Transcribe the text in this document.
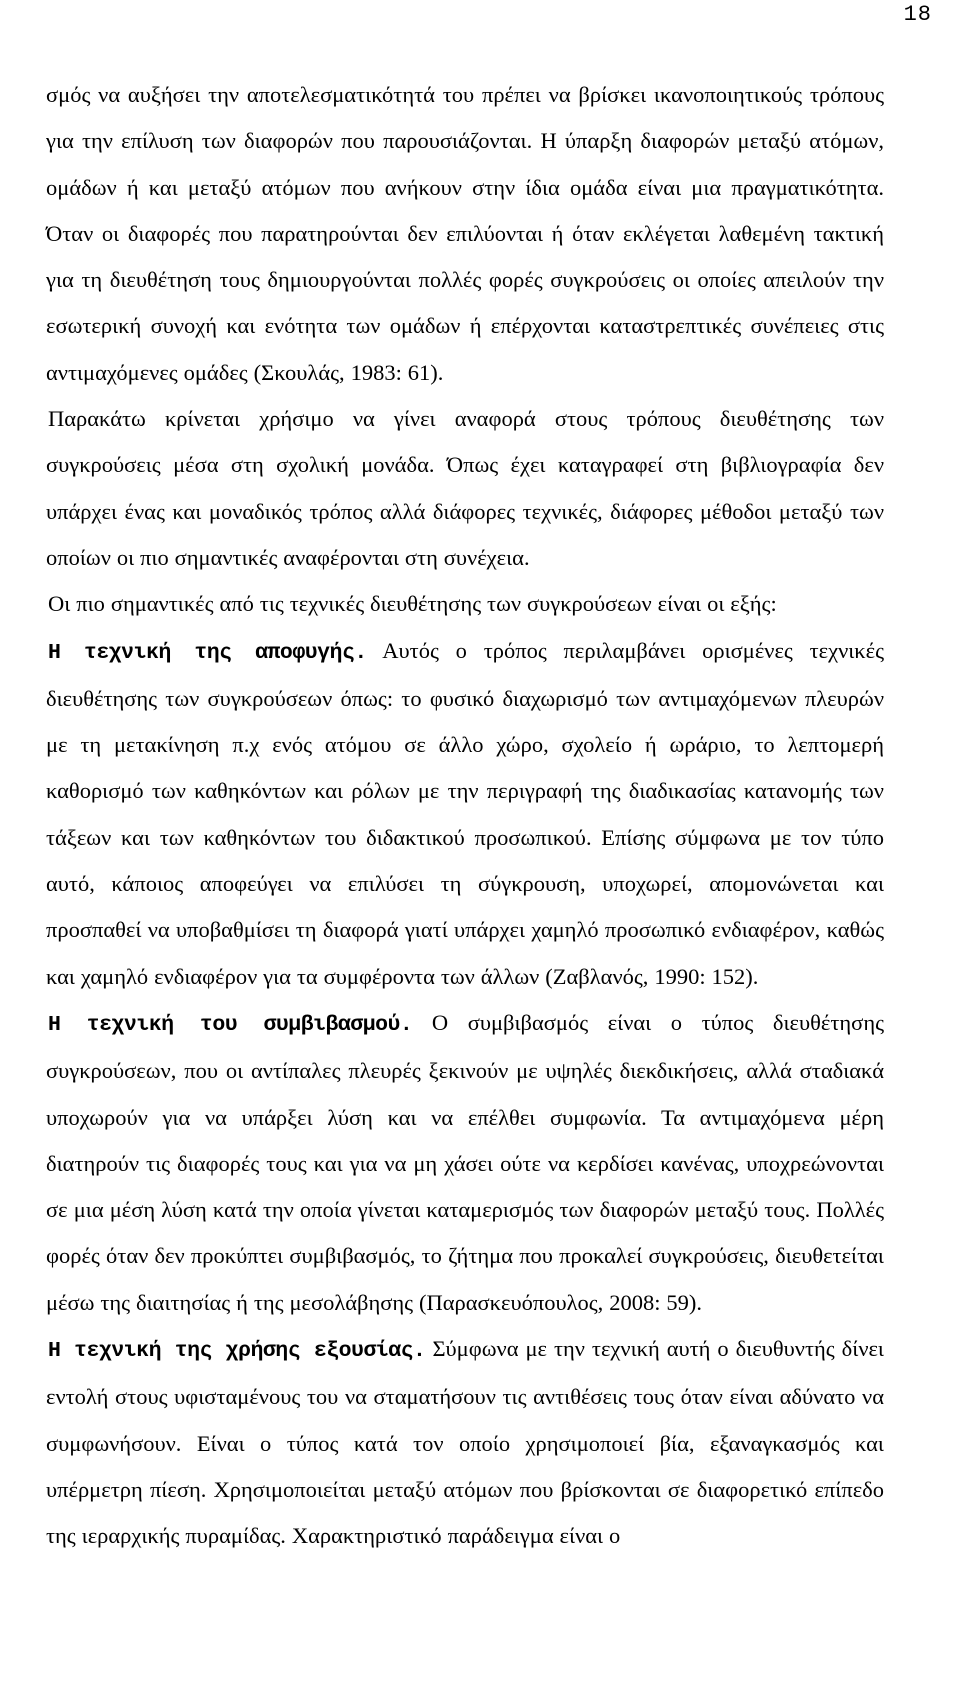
18

σμός να αυξήσει την αποτελεσματικότητά του πρέπει να βρίσκει ικανοποιητικούς τρόπους για την επίλυση των διαφορών που παρουσιάζονται. Η ύπαρξη διαφορών μεταξύ ατόμων, ομάδων ή και μεταξύ ατόμων που ανήκουν στην ίδια ομάδα είναι μια πραγματικότητα. Όταν οι διαφορές που παρατηρούνται δεν επιλύονται ή όταν εκλέγεται λαθεμένη τακτική για τη διευθέτηση τους δημιουργούνται πολλές φορές συγκρούσεις οι οποίες απειλούν την εσωτερική συνοχή και ενότητα των ομάδων ή επέρχονται καταστρεπτικές συνέπειες στις αντιμαχόμενες ομάδες (Σκουλάς, 1983: 61).

Παρακάτω κρίνεται χρήσιμο να γίνει αναφορά στους τρόπους διευθέτησης των συγκρούσεις μέσα στη σχολική μονάδα. Όπως έχει καταγραφεί στη βιβλιογραφία δεν υπάρχει ένας και μοναδικός τρόπος αλλά διάφορες τεχνικές, διάφορες μέθοδοι μεταξύ των οποίων οι πιο σημαντικές αναφέρονται στη συνέχεια.

Οι πιο σημαντικές από τις τεχνικές διευθέτησης των συγκρούσεων είναι οι εξής:

Η τεχνική της αποφυγής. Αυτός ο τρόπος περιλαμβάνει ορισμένες τεχνικές διευθέτησης των συγκρούσεων όπως: το φυσικό διαχωρισμό των αντιμαχόμενων πλευρών με τη μετακίνηση π.χ ενός ατόμου σε άλλο χώρο, σχολείο ή ωράριο, το λεπτομερή καθορισμό των καθηκόντων και ρόλων με την περιγραφή της διαδικασίας κατανομής των τάξεων και των καθηκόντων του διδακτικού προσωπικού. Επίσης σύμφωνα με τον τύπο αυτό, κάποιος αποφεύγει να επιλύσει τη σύγκρουση, υποχωρεί, απομονώνεται και προσπαθεί να υποβαθμίσει τη διαφορά γιατί υπάρχει χαμηλό προσωπικό ενδιαφέρον, καθώς και χαμηλό ενδιαφέρον για τα συμφέροντα των άλλων (Ζαβλανός, 1990: 152).

Η τεχνική του συμβιβασμού. Ο συμβιβασμός είναι ο τύπος διευθέτησης συγκρούσεων, που οι αντίπαλες πλευρές ξεκινούν με υψηλές διεκδικήσεις, αλλά σταδιακά υποχωρούν για να υπάρξει λύση και να επέλθει συμφωνία. Τα αντιμαχόμενα μέρη διατηρούν τις διαφορές τους και για να μη χάσει ούτε να κερδίσει κανένας, υποχρεώνονται σε μια μέση λύση κατά την οποία γίνεται καταμερισμός των διαφορών μεταξύ τους. Πολλές φορές όταν δεν προκύπτει συμβιβασμός, το ζήτημα που προκαλεί συγκρούσεις, διευθετείται μέσω της διαιτησίας ή της μεσολάβησης (Παρασκευόπουλος, 2008: 59).

Η τεχνική της χρήσης εξουσίας. Σύμφωνα με την τεχνική αυτή ο διευθυντής δίνει εντολή στους υφισταμένους του να σταματήσουν τις αντιθέσεις τους όταν είναι αδύνατο να συμφωνήσουν. Είναι ο τύπος κατά τον οποίο χρησιμοποιεί βία, εξαναγκασμός και υπέρμετρη πίεση. Χρησιμοποιείται μεταξύ ατόμων που βρίσκονται σε διαφορετικό επίπεδο της ιεραρχικής πυραμίδας. Χαρακτηριστικό παράδειγμα είναι ο
